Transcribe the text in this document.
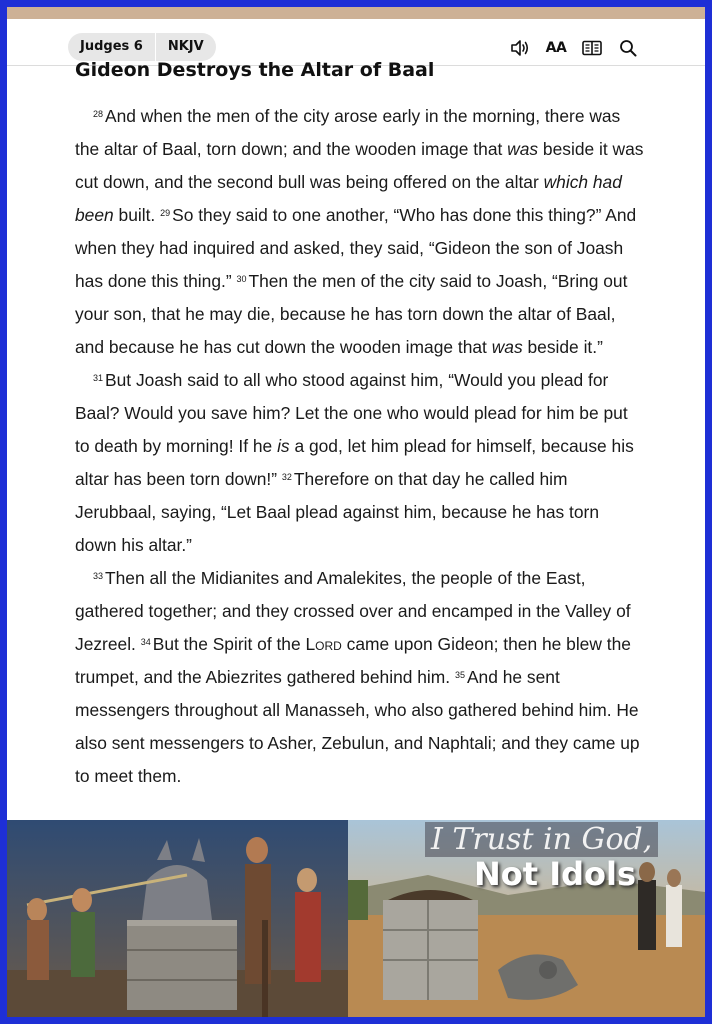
Judges 6	NKJV	AA
Gideon Destroys the Altar of Baal

$^{28}$ And when the men of the city arose early in the morning, there was the altar of Baal, torn down; and the wooden image that was beside it was cut down, and the second bull was being offered on the altar which had been built. $^{29}$ So they said to one another, “Who has done this thing?” And when they had inquired and asked, they said, “Gideon the son of Joash has done this thing.” $^{30}$ Then the men of the city said to Joash, “Bring out your son, that he may die, because he has torn down the altar of Baal, and because he has cut down the wooden image that was beside it.”

$^{31}$ But Joash said to all who stood against him, “Would you plead for Baal? Would you save him? Let the one who would plead for him be put to death by morning! If he is a god, let him plead for himself, because his altar has been torn down!” $^{32}$ Therefore on that day he called him Jerubbaal, saying, “Let Baal plead against him, because he has torn down his altar.”

$^{33}$ Then all the Midianites and Amalekites, the people of the East, gathered together; and they crossed over and encamped in the Valley of Jezreel. $^{34}$ But the Spirit of the Lord came upon Gideon; then he blew the trumpet, and the Abiezrites gathered behind him. $^{35}$ And he sent messengers throughout all Manasseh, who also gathered behind him. He also sent messengers to Asher, Zebulun, and Naphtali; and they came up to meet them.

I Trust in God,
Not Idols
